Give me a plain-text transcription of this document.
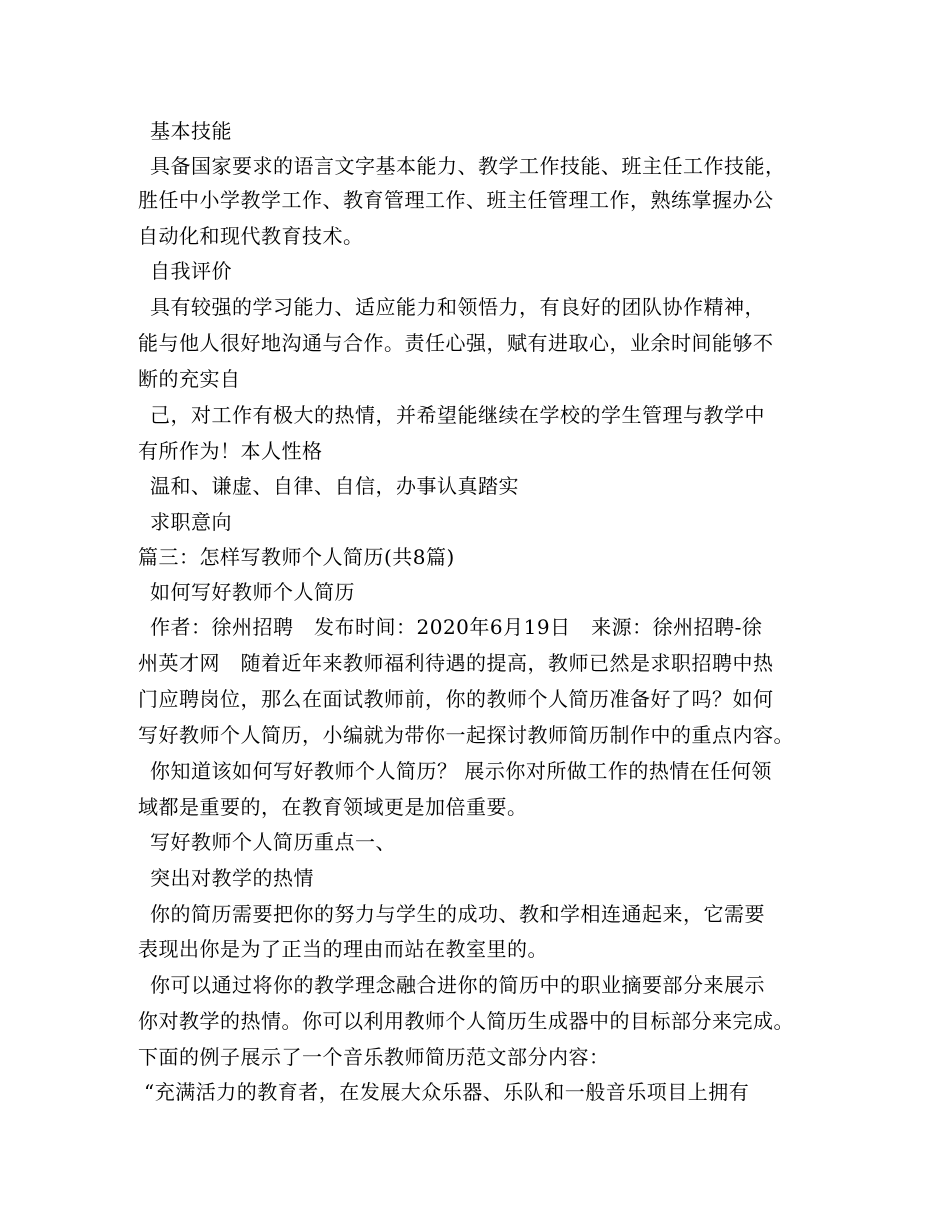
基本技能
具备国家要求的语言文字基本能力、教学工作技能、班主任工作技能，
胜任中小学教学工作、教育管理工作、班主任管理工作，熟练掌握办公
自动化和现代教育技术。
自我评价
具有较强的学习能力、适应能力和领悟力，有良好的团队协作精神，
能与他人很好地沟通与合作。责任心强，赋有进取心，业余时间能够不
断的充实自
己，对工作有极大的热情，并希望能继续在学校的学生管理与教学中
有所作为！本人性格
温和、谦虚、自律、自信，办事认真踏实
求职意向
篇三：怎样写教师个人简历(共8篇)
如何写好教师个人简历
作者：徐州招聘　发布时间：2020年6月19日　来源：徐州招聘-徐
州英才网　随着近年来教师福利待遇的提高，教师已然是求职招聘中热
门应聘岗位，那么在面试教师前，你的教师个人简历准备好了吗？如何
写好教师个人简历，小编就为带你一起探讨教师简历制作中的重点内容。
你知道该如何写好教师个人简历？ 展示你对所做工作的热情在任何领
域都是重要的，在教育领域更是加倍重要。
写好教师个人简历重点一、
突出对教学的热情
你的简历需要把你的努力与学生的成功、教和学相连通起来，它需要
表现出你是为了正当的理由而站在教室里的。
你可以通过将你的教学理念融合进你的简历中的职业摘要部分来展示
你对教学的热情。你可以利用教师个人简历生成器中的目标部分来完成。
下面的例子展示了一个音乐教师简历范文部分内容：
“充满活力的教育者，在发展大众乐器、乐队和一般音乐项目上拥有
